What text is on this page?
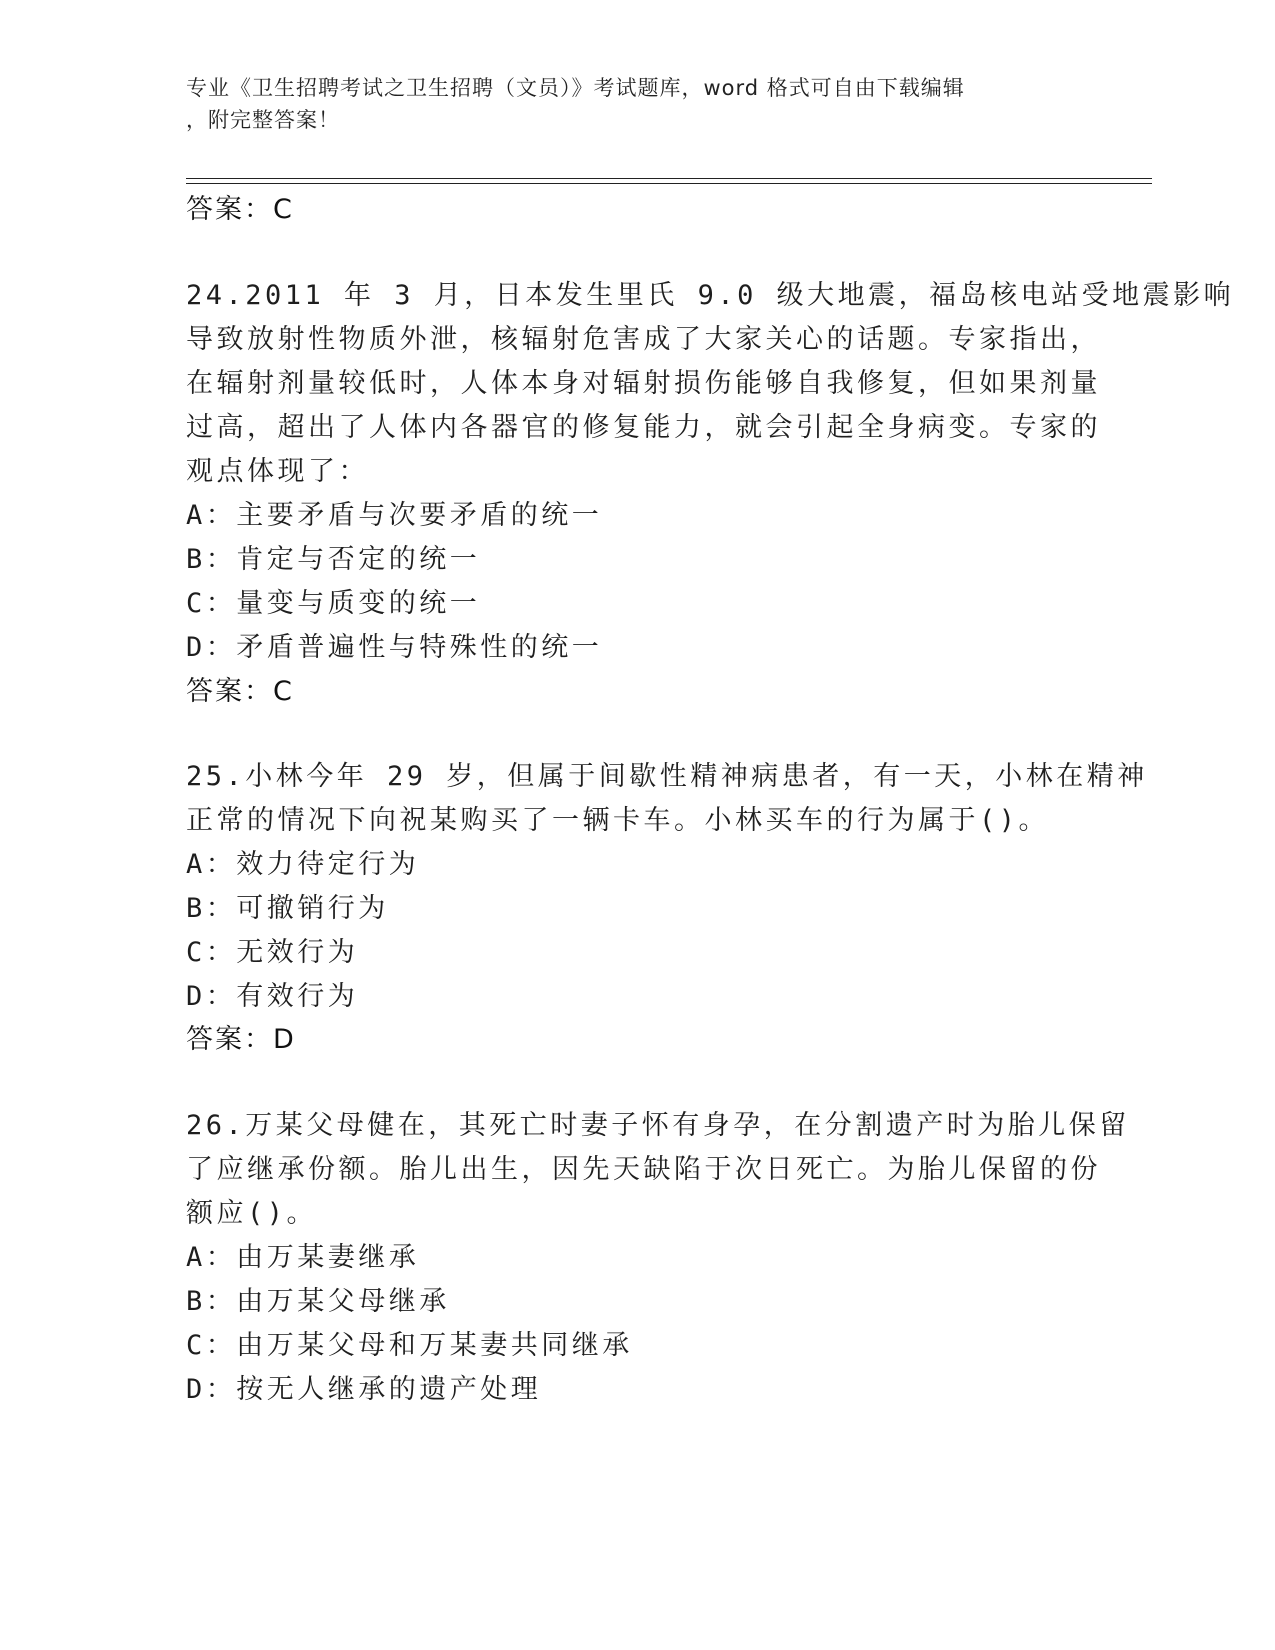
专业《卫生招聘考试之卫生招聘（文员）》考试题库，word 格式可自由下载编辑
，附完整答案！
答案：C
24.2011 年 3 月，日本发生里氏 9.0 级大地震，福岛核电站受地震影响
导致放射性物质外泄，核辐射危害成了大家关心的话题。专家指出，
在辐射剂量较低时，人体本身对辐射损伤能够自我修复，但如果剂量
过高，超出了人体内各器官的修复能力，就会引起全身病变。专家的
观点体现了：
A：主要矛盾与次要矛盾的统一
B：肯定与否定的统一
C：量变与质变的统一
D：矛盾普遍性与特殊性的统一
答案：C
25.小林今年 29 岁，但属于间歇性精神病患者，有一天，小林在精神
正常的情况下向祝某购买了一辆卡车。小林买车的行为属于()。
A：效力待定行为
B：可撤销行为
C：无效行为
D：有效行为
答案：D
26.万某父母健在，其死亡时妻子怀有身孕，在分割遗产时为胎儿保留
了应继承份额。胎儿出生，因先天缺陷于次日死亡。为胎儿保留的份
额应()。
A：由万某妻继承
B：由万某父母继承
C：由万某父母和万某妻共同继承
D：按无人继承的遗产处理
